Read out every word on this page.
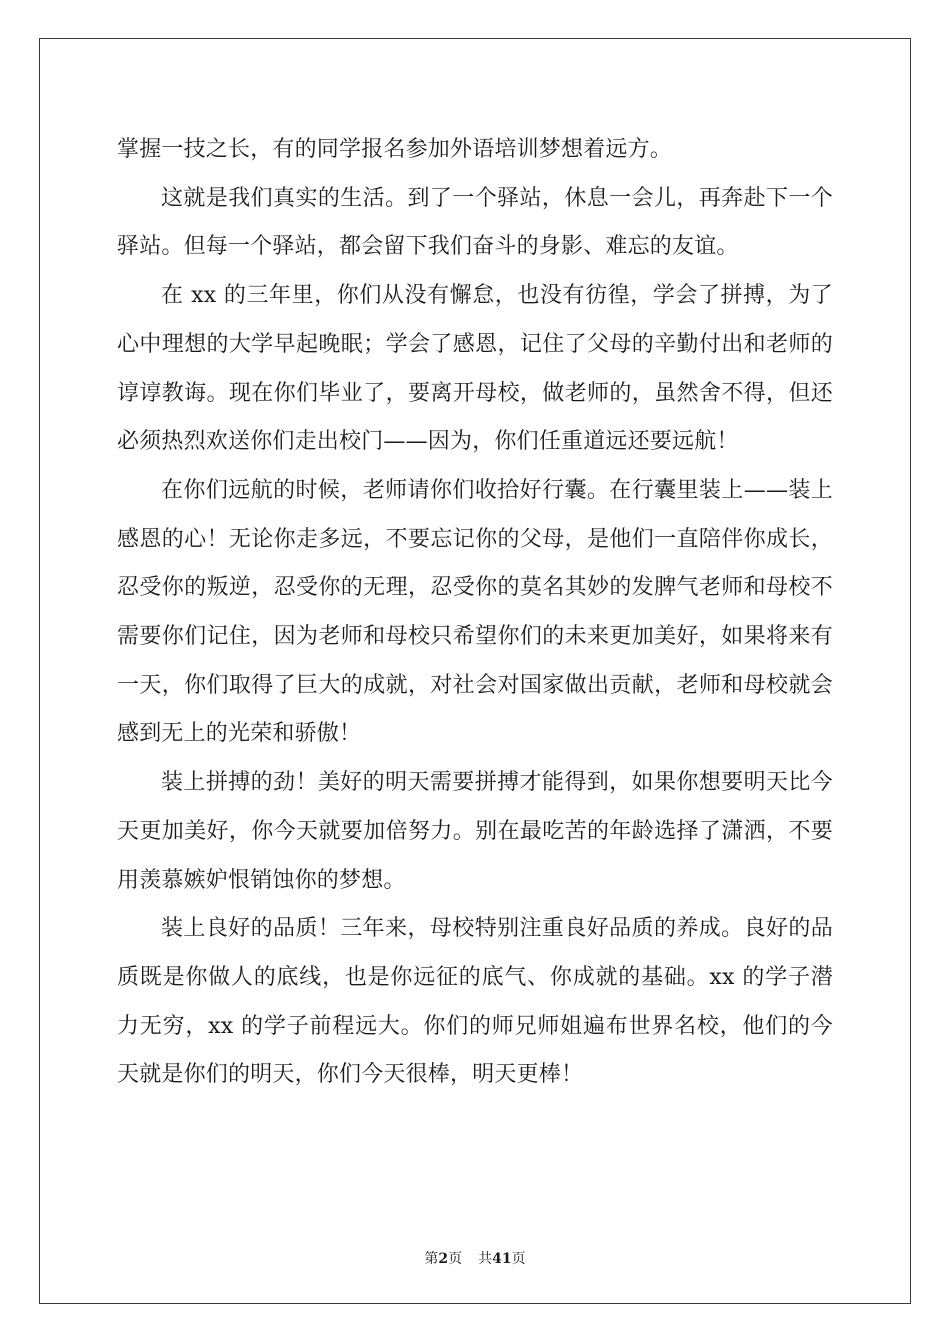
掌握一技之长，有的同学报名参加外语培训梦想着远方。

这就是我们真实的生活。到了一个驿站，休息一会儿，再奔赴下一个驿站。但每一个驿站，都会留下我们奋斗的身影、难忘的友谊。

在 xx 的三年里，你们从没有懈怠，也没有彷徨，学会了拼搏，为了心中理想的大学早起晚眠；学会了感恩，记住了父母的辛勤付出和老师的谆谆教诲。现在你们毕业了，要离开母校，做老师的，虽然舍不得，但还必须热烈欢送你们走出校门——因为，你们任重道远还要远航！

在你们远航的时候，老师请你们收拾好行囊。在行囊里装上——装上感恩的心！无论你走多远，不要忘记你的父母，是他们一直陪伴你成长，忍受你的叛逆，忍受你的无理，忍受你的莫名其妙的发脾气老师和母校不需要你们记住，因为老师和母校只希望你们的未来更加美好，如果将来有一天，你们取得了巨大的成就，对社会对国家做出贡献，老师和母校就会感到无上的光荣和骄傲！

装上拼搏的劲！美好的明天需要拼搏才能得到，如果你想要明天比今天更加美好，你今天就要加倍努力。别在最吃苦的年龄选择了潇洒，不要用羡慕嫉妒恨销蚀你的梦想。

装上良好的品质！三年来，母校特别注重良好品质的养成。良好的品质既是你做人的底线，也是你远征的底气、你成就的基础。xx 的学子潜力无穷，xx 的学子前程远大。你们的师兄师姐遍布世界名校，他们的今天就是你们的明天，你们今天很棒，明天更棒！

第2页 共41页
